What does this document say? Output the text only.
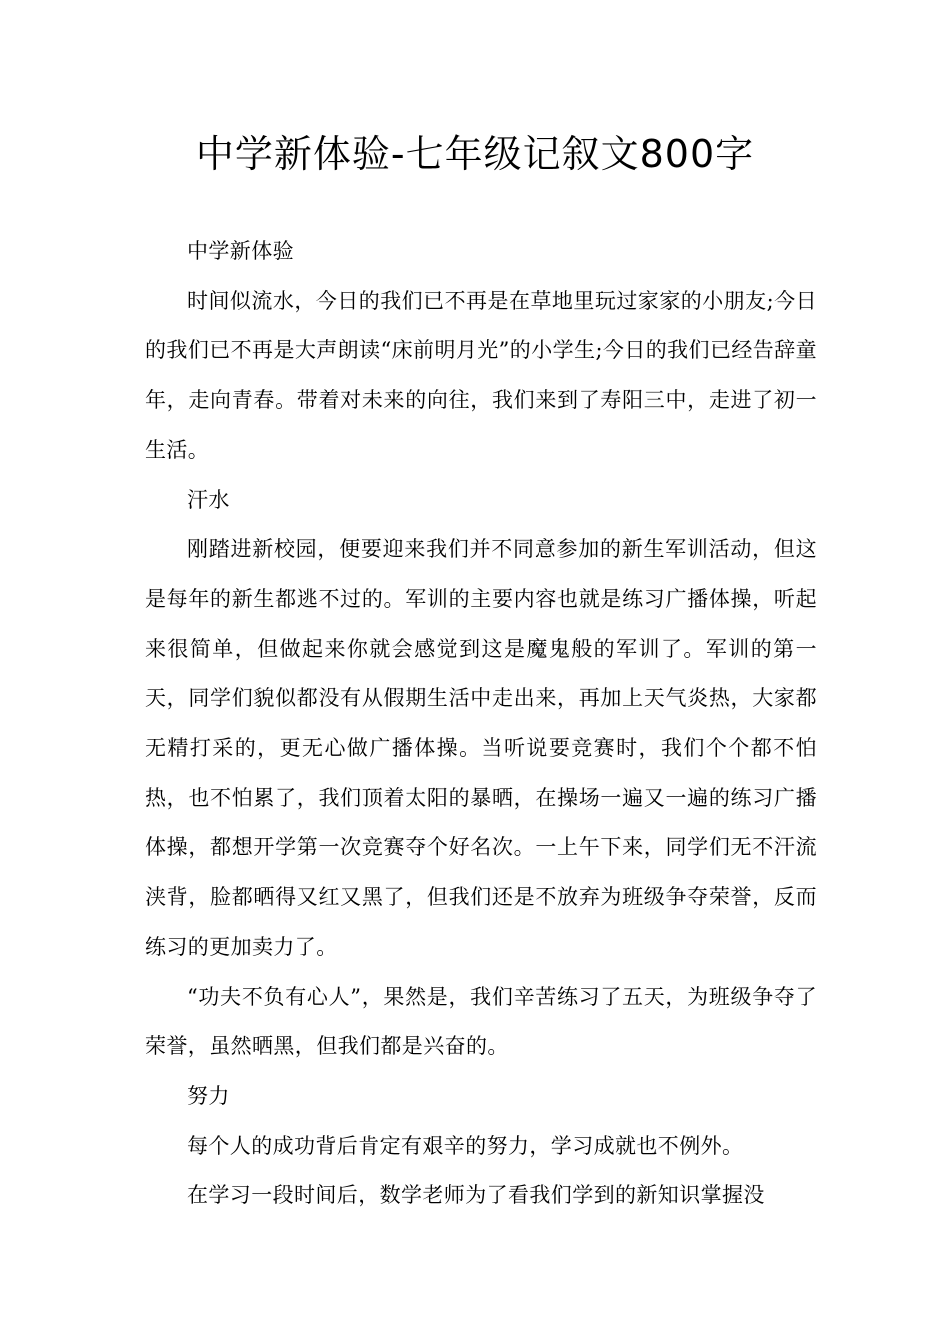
中学新体验-七年级记叙文800字

中学新体验

时间似流水，今日的我们已不再是在草地里玩过家家的小朋友;今日的我们已不再是大声朗读“床前明月光”的小学生;今日的我们已经告辞童年，走向青春。带着对未来的向往，我们来到了寿阳三中，走进了初一生活。

汗水

刚踏进新校园，便要迎来我们并不同意参加的新生军训活动，但这是每年的新生都逃不过的。军训的主要内容也就是练习广播体操，听起来很简单，但做起来你就会感觉到这是魔鬼般的军训了。军训的第一天，同学们貌似都没有从假期生活中走出来，再加上天气炎热，大家都无精打采的，更无心做广播体操。当听说要竞赛时，我们个个都不怕热，也不怕累了，我们顶着太阳的暴晒，在操场一遍又一遍的练习广播体操，都想开学第一次竞赛夺个好名次。一上午下来，同学们无不汗流浃背，脸都晒得又红又黑了，但我们还是不放弃为班级争夺荣誉，反而练习的更加卖力了。

“功夫不负有心人”，果然是，我们辛苦练习了五天，为班级争夺了荣誉，虽然晒黑，但我们都是兴奋的。

努力

每个人的成功背后肯定有艰辛的努力，学习成就也不例外。

在学习一段时间后，数学老师为了看我们学到的新知识掌握没
